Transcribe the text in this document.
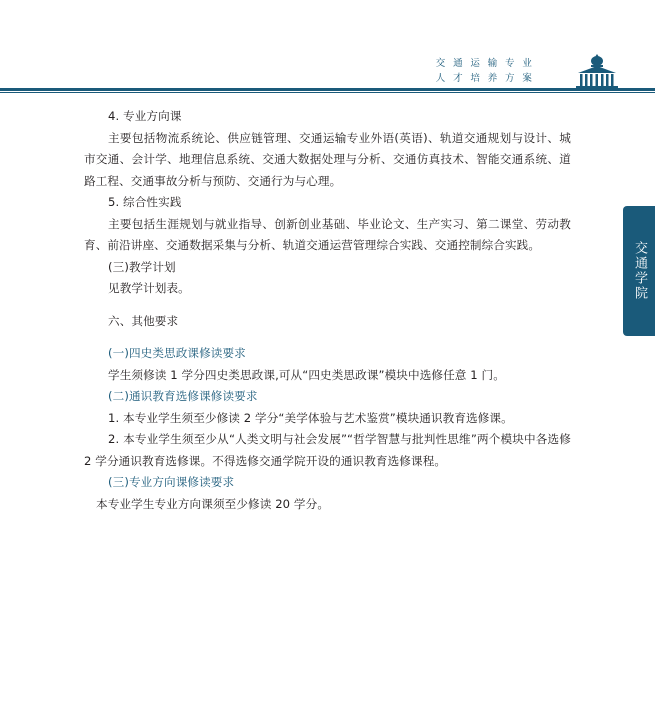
交 通 运 输 专 业
人 才 培 养 方 案
交通学院

4. 专业方向课

主要包括物流系统论、供应链管理、交通运输专业外语(英语)、轨道交通规划与设计、城市交通、会计学、地理信息系统、交通大数据处理与分析、交通仿真技术、智能交通系统、道路工程、交通事故分析与预防、交通行为与心理。

5. 综合性实践

主要包括生涯规划与就业指导、创新创业基础、毕业论文、生产实习、第二课堂、劳动教育、前沿讲座、交通数据采集与分析、轨道交通运营管理综合实践、交通控制综合实践。

(三)教学计划

见教学计划表。

六、其他要求

(一)四史类思政课修读要求

学生须修读 1 学分四史类思政课,可从“四史类思政课”模块中选修任意 1 门。

(二)通识教育选修课修读要求

1. 本专业学生须至少修读 2 学分“美学体验与艺术鉴赏”模块通识教育选修课。

2. 本专业学生须至少从“人类文明与社会发展”“哲学智慧与批判性思维”两个模块中各选修 2 学分通识教育选修课。不得选修交通学院开设的通识教育选修课程。

(三)专业方向课修读要求

本专业学生专业方向课须至少修读 20 学分。
